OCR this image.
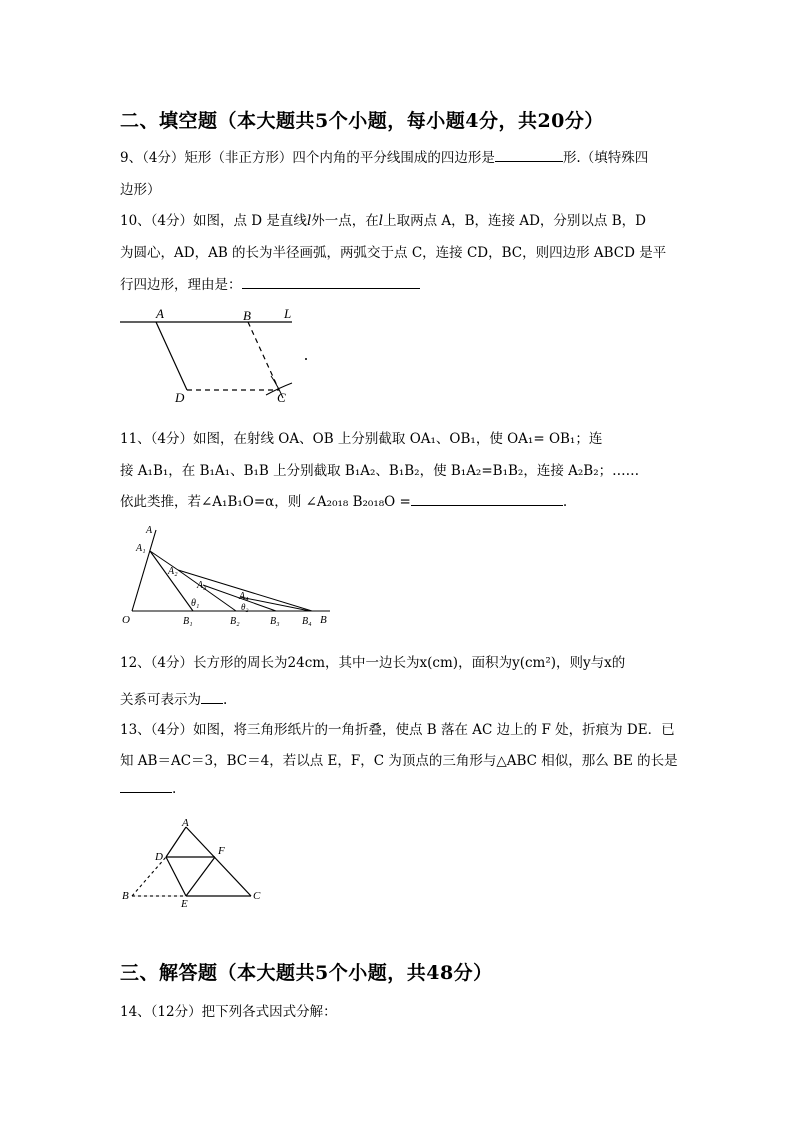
二、填空题（本大题共5个小题，每小题4分，共20分）
9、（4分）矩形（非正方形）四个内角的平分线围成的四边形是	形.（填特殊四
边形）
10、（4分）如图，点 D 是直线l外一点，在l上取两点 A，B，连接 AD，分别以点 B，D
为圆心，AD，AB 的长为半径画弧，两弧交于点 C，连接 CD，BC，则四边形 ABCD 是平
行四边形，理由是：
A	B	L
D	C
11、（4分）如图，在射线 OA、OB 上分别截取 OA₁、OB₁，使 OA₁= OB₁；连
接 A₁B₁，在 B₁A₁、B₁B 上分别截取 B₁A₂、B₁B₂，使 B₁A₂=B₁B₂，连接 A₂B₂；……
依此类推，若∠A₁B₁O=α，则 ∠A₂₀₁₈ B₂₀₁₈O =	.
A
A₁
A₂
A₃
A₄
θ₁	θ₂
O	B₁	B₂	B₃ B₄ B
12、（4分）长方形的周长为24cm，其中一边长为x(cm)，面积为y(cm²)，则y与x的
关系可表示为 .
13、（4分）如图，将三角形纸片的一角折叠，使点 B 落在 AC 边上的 F 处，折痕为 DE．已
知 AB＝AC＝3，BC＝4，若以点 E，F，C 为顶点的三角形与△ABC 相似，那么 BE 的长是
.
A
D	F
B
E
C
三、解答题（本大题共5个小题，共48分）
14、（12分）把下列各式因式分解：
